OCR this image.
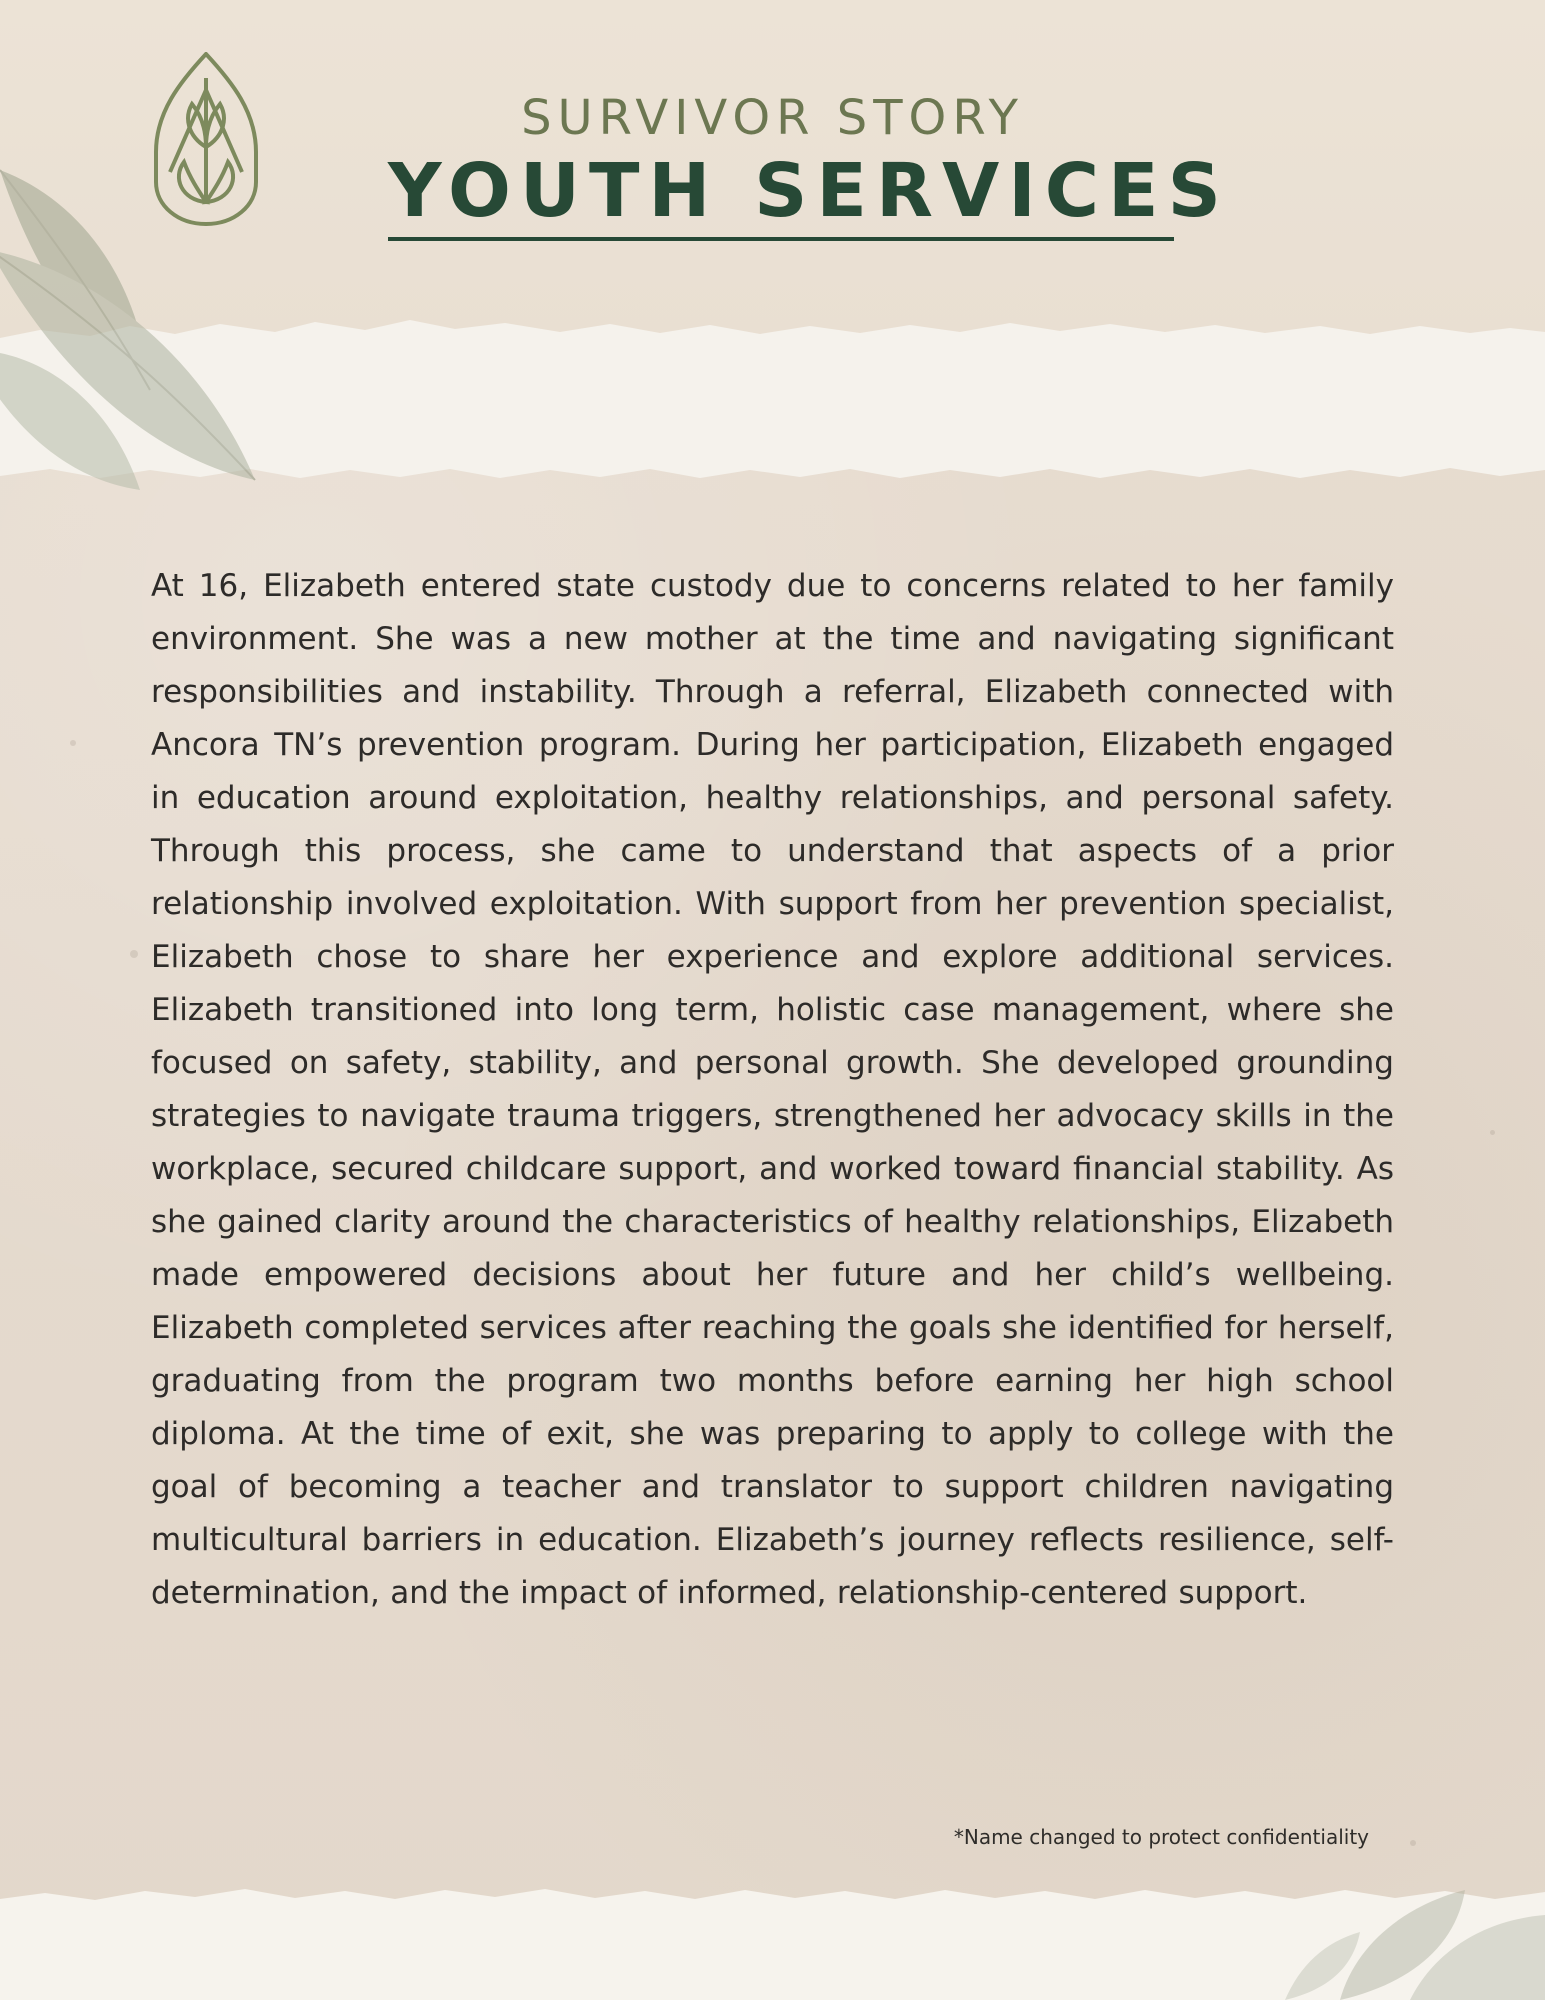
SURVIVOR STORY
YOUTH SERVICES

At 16, Elizabeth entered state custody due to concerns related to her family environment. She was a new mother at the time and navigating significant responsibilities and instability. Through a referral, Elizabeth connected with Ancora TN’s prevention program. During her participation, Elizabeth engaged in education around exploitation, healthy relationships, and personal safety. Through this process, she came to understand that aspects of a prior relationship involved exploitation. With support from her prevention specialist, Elizabeth chose to share her experience and explore additional services. Elizabeth transitioned into long term, holistic case management, where she focused on safety, stability, and personal growth. She developed grounding strategies to navigate trauma triggers, strengthened her advocacy skills in the workplace, secured childcare support, and worked toward financial stability. As she gained clarity around the characteristics of healthy relationships, Elizabeth made empowered decisions about her future and her child’s wellbeing. Elizabeth completed services after reaching the goals she identified for herself, graduating from the program two months before earning her high school diploma. At the time of exit, she was preparing to apply to college with the goal of becoming a teacher and translator to support children navigating multicultural barriers in education. Elizabeth’s journey reflects resilience, self-determination, and the impact of informed, relationship-centered support.

*Name changed to protect confidentiality
